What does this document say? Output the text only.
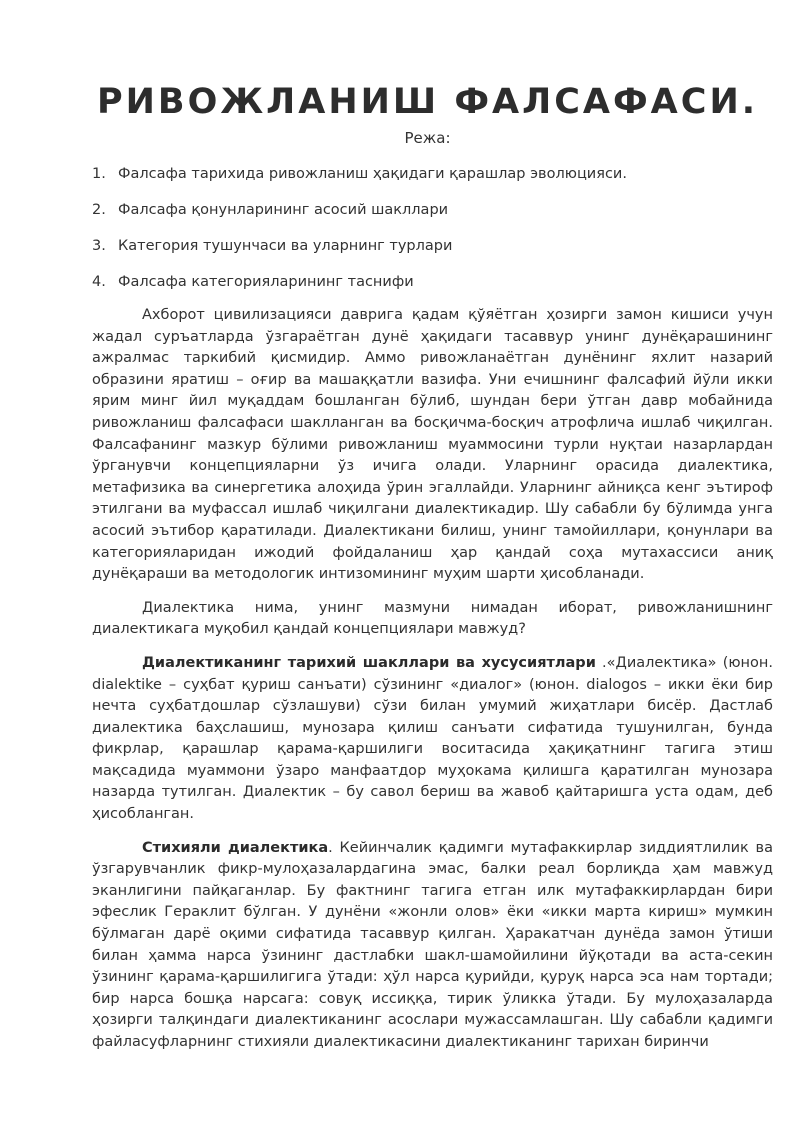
РИВОЖЛАНИШ ФАЛСАФАСИ.
Режа:
1. Фалсафа тарихида ривожланиш ҳақидаги қарашлар эволюцияси.
2. Фалсафа қонунларининг асосий шакллари
3. Категория тушунчаси ва уларнинг турлари
4. Фалсафа категорияларининг таснифи

Ахборот цивилизацияси даврига қадам қўяётган ҳозирги замон кишиси учун жадал суръатларда ўзгараётган дунё ҳақидаги тасаввур унинг дунёқарашининг ажралмас таркибий қисмидир. Аммо ривожланаётган дунёнинг яхлит назарий образини яратиш – оғир ва машаққатли вазифа. Уни ечишнинг фалсафий йўли икки ярим минг йил муқаддам бошланган бўлиб, шундан бери ўтган давр мобайнида ривожланиш фалсафаси шаклланган ва босқичма-босқич атрофлича ишлаб чиқилган. Фалсафанинг мазкур бўлими ривожланиш муаммосини турли нуқтаи назарлардан ўрганувчи концепцияларни ўз ичига олади. Уларнинг орасида диалектика, метафизика ва синергетика алоҳида ўрин эгаллайди. Уларнинг айниқса кенг эътироф этилгани ва муфассал ишлаб чиқилгани диалектикадир. Шу сабабли бу бўлимда унга асосий эътибор қаратилади. Диалектикани билиш, унинг тамойиллари, қонунлари ва категорияларидан ижодий фойдаланиш ҳар қандай соҳа мутахассиси аниқ дунёқараши ва методологик интизомининг муҳим шарти ҳисобланади.

Диалектика нима, унинг мазмуни нимадан иборат, ривожланишнинг диалектикага муқобил қандай концепциялари мавжуд?

Диалектиканинг тарихий шакллари ва хусусиятлари .«Диалектика» (юнон. dialektike – суҳбат қуриш санъати) сўзининг «диалог» (юнон. dialogos – икки ёки бир нечта суҳбатдошлар сўзлашуви) сўзи билан умумий жиҳатлари бисёр. Дастлаб диалектика баҳслашиш, мунозара қилиш санъати сифатида тушунилган, бунда фикрлар, қарашлар қарама-қаршилиги воситасида ҳақиқатнинг тагига этиш мақсадида муаммони ўзаро манфаатдор муҳокама қилишга қаратилган мунозара назарда тутилган. Диалектик – бу савол бериш ва жавоб қайтаришга уста одам, деб ҳисобланган.

Стихияли диалектика. Кейинчалик қадимги мутафаккирлар зиддиятлилик ва ўзгарувчанлик фикр-мулоҳазалардагина эмас, балки реал борлиқда ҳам мавжуд эканлигини пайқаганлар. Бу фактнинг тагига етган илк мутафаккирлардан бири эфеслик Гераклит бўлган. У дунёни «жонли олов» ёки «икки марта кириш» мумкин бўлмаган дарё оқими сифатида тасаввур қилган. Ҳаракатчан дунёда замон ўтиши билан ҳамма нарса ўзининг дастлабки шакл-шамойилини йўқотади ва аста-секин ўзининг қарама-қаршилигига ўтади: ҳўл нарса қурийди, қуруқ нарса эса нам тортади; бир нарса бошқа нарсага: совуқ иссиққа, тирик ўликка ўтади. Бу мулоҳазаларда ҳозирги талқиндаги диалектиканинг асослари мужассамлашган. Шу сабабли қадимги файласуфларнинг стихияли диалектикасини диалектиканинг тарихан биринчи
